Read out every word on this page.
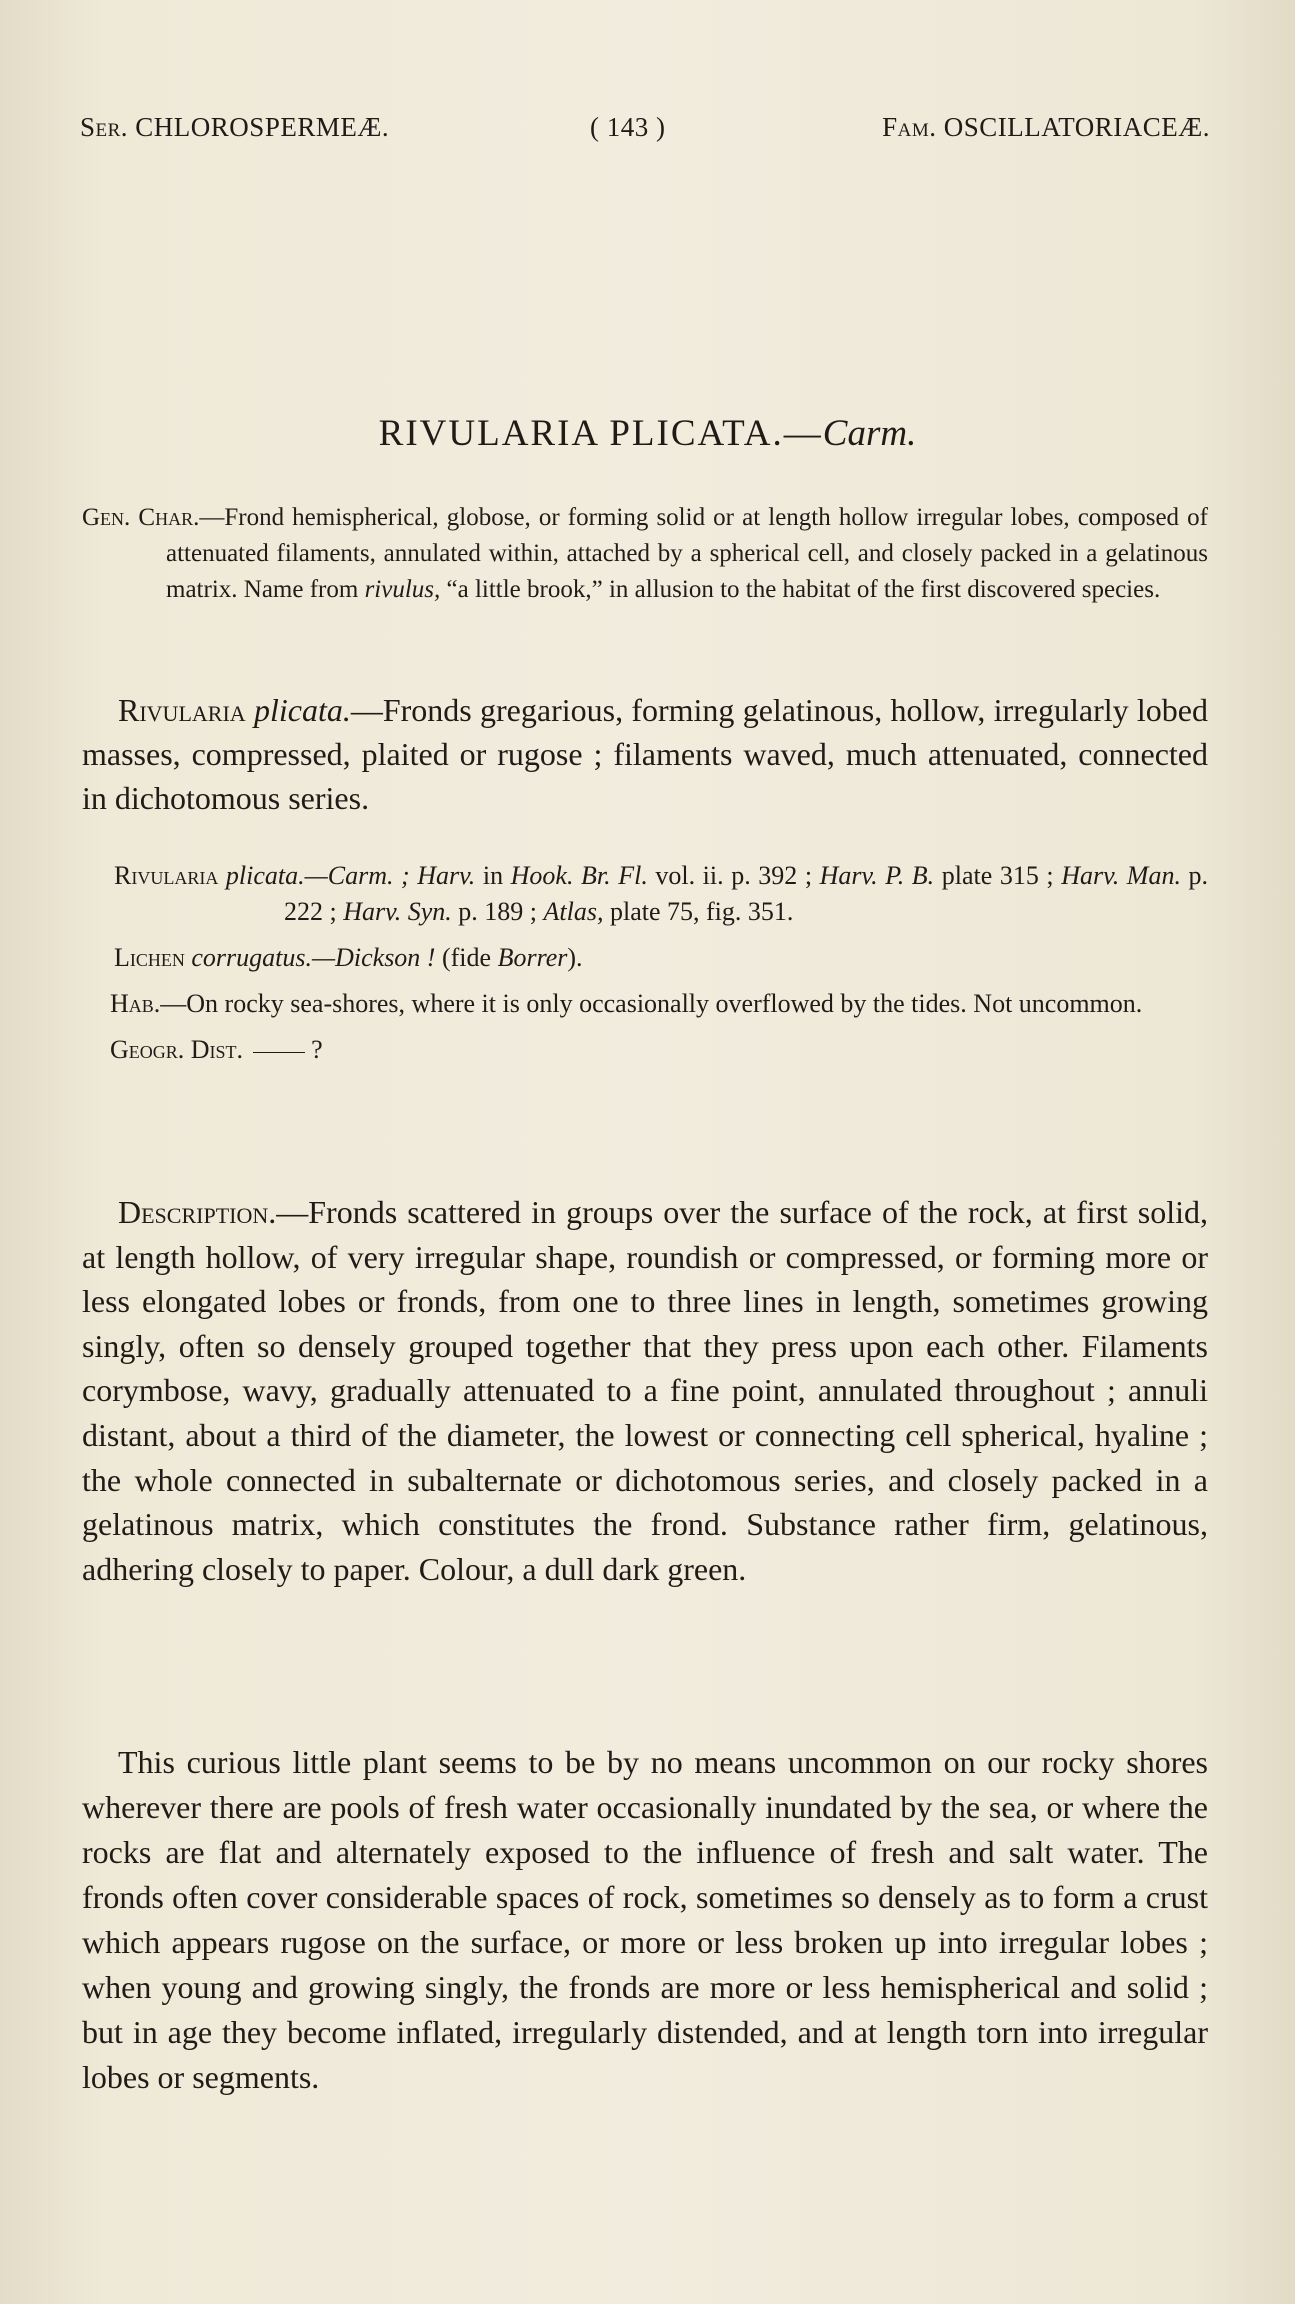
Ser. CHLOROSPERMEÆ.	( 143 )	Fam. OSCILLATORIACEÆ.
RIVULARIA PLICATA.—Carm.

Gen. Char.—Frond hemispherical, globose, or forming solid or at length hollow irregular lobes, composed of attenuated filaments, annulated within, attached by a spherical cell, and closely packed in a gelatinous matrix. Name from rivulus, “a little brook,” in allusion to the habitat of the first discovered species.

Rivularia plicata.—Fronds gregarious, forming gelatinous, hollow, irregularly lobed masses, compressed, plaited or rugose ; filaments waved, much attenuated, connected in dichotomous series.

Rivularia plicata.—Carm. ; Harv. in Hook. Br. Fl. vol. ii. p. 392 ; Harv. P. B. plate 315 ; Harv. Man. p. 222 ; Harv. Syn. p. 189 ; Atlas, plate 75, fig. 351.

Lichen corrugatus.—Dickson ! (fide Borrer).

Hab.—On rocky sea-shores, where it is only occasionally overflowed by the tides. Not uncommon.

Geogr. Dist.	?

Description.—Fronds scattered in groups over the surface of the rock, at first solid, at length hollow, of very irregular shape, roundish or compressed, or forming more or less elongated lobes or fronds, from one to three lines in length, sometimes growing singly, often so densely grouped together that they press upon each other. Filaments corymbose, wavy, gradually attenuated to a fine point, annulated throughout ; annuli distant, about a third of the diameter, the lowest or connecting cell spherical, hyaline ; the whole connected in subalternate or dichotomous series, and closely packed in a gelatinous matrix, which constitutes the frond. Substance rather firm, gelatinous, adhering closely to paper. Colour, a dull dark green.

This curious little plant seems to be by no means uncommon on our rocky shores wherever there are pools of fresh water occasionally inundated by the sea, or where the rocks are flat and alternately exposed to the influence of fresh and salt water. The fronds often cover considerable spaces of rock, sometimes so densely as to form a crust which appears rugose on the surface, or more or less broken up into irregular lobes ; when young and growing singly, the fronds are more or less hemispherical and solid ; but in age they become inflated, irregularly distended, and at length torn into irregular lobes or segments.
